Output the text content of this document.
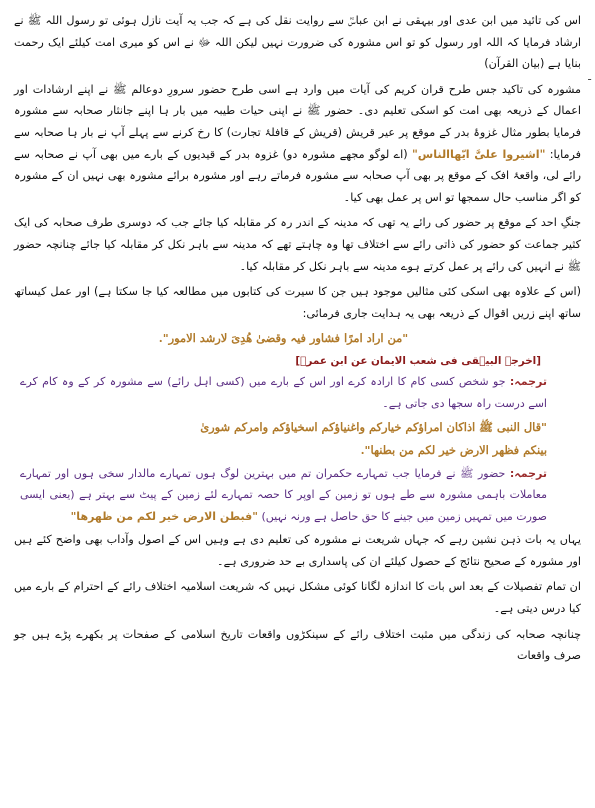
ـ

اس کی تائید میں ابن عدی اور بیہقی نے ابن عباسؓ سے روایت نقل کی ہے کہ جب یہ آیت نازل ہوئی تو رسول اللہ ﷺ نے ارشاد فرمایا کہ اللہ اور رسول کو تو اس مشورہ کی ضرورت نہیں لیکن اللہ ﷻ نے اس کو میری امت کیلئے ایک رحمت بنایا ہے (بیان القرآن)

مشورہ کی تاکید جس طرح قران کریم کی آیات میں وارد ہے اسی طرح حضور سرورِ دوعالم ﷺ نے اپنے ارشادات اور اعمال کے ذریعہ بھی امت کو اسکی تعلیم دی۔ حضور ﷺ نے اپنی حیات طیبہ میں بار ہا اپنے جانثار صحابہ سے مشورہ فرمایا بطور مثال غزوۂ بدر کے موقع پر عیر قریش (قریش کے قافلۂ تجارت) کا رخ کرنے سے پہلے آپ نے بار ہا صحابہ سے فرمایا: "اشیروا علیَّ ایّھاالناس" (اے لوگو مجھے مشورہ دو) غزوہ بدر کے قیدیوں کے بارے میں بھی آپ نے صحابہ سے رائے لی، واقعۂ افک کے موقع پر بھی آپ صحابہ سے مشورہ فرماتے رہے اور مشورہ برائے مشورہ بھی نہیں ان کے مشورہ کو اگر مناسب حال سمجھا تو اس پر عمل بھی کیا۔

جنگِ احد کے موقع پر حضور کی رائے یہ تھی کہ مدینہ کے اندر رہ کر مقابلہ کیا جائے جب کہ دوسری طرف صحابہ کی ایک کثیر جماعت کو حضور کی ذاتی رائے سے اختلاف تھا وہ چاہتے تھے کہ مدینہ سے باہر نکل کر مقابلہ کیا جائے چنانچہ حضور ﷺ نے انہیں کی رائے پر عمل کرتے ہوے مدینہ سے باہر نکل کر مقابلہ کیا۔

(اس کے علاوہ بھی اسکی کئی مثالیں موجود ہیں جن کا سیرت کی کتابوں میں مطالعہ کیا جا سکتا ہے) اور عمل کیساتھ ساتھ اپنے زریں اقوال کے ذریعہ بھی یہ ہدایت جاری فرمائی:

"من اراد امرًا فشاور فیہ وقضیٰ ھُدِیَ لارشد الامور".
[اخرجہ البیہقی فی شعب الایمان عن ابن عمرؓ]
ترجمہ: جو شخص کسی کام کا ارادہ کرے اور اس کے بارے میں (کسی اہل رائے) سے مشورہ کر کے وہ کام کرے اسے درست راہ سجھا دی جاتی ہے۔
"قال النبی ﷺ اذاکان امراؤکم خیارکم واغنیاؤکم اسخیاؤکم وامرکم شوریٰ
بینکم فظھر الارض خیر لکم من بطنھا".
ترجمہ: حضور ﷺ نے فرمایا جب تمہارے حکمران تم میں بہترین لوگ ہوں تمہارے مالدار سخی ہوں اور تمہارے معاملات باہمی مشورہ سے طے ہوں تو زمین کے اوپر کا حصہ تمہارے لئے زمین کے پیٹ سے بہتر ہے (یعنی ایسی صورت میں تمہیں زمین میں جینے کا حق حاصل ہے ورنہ نہیں) "فبطن الارض خیر لکم من ظھرھا"

یہاں یہ بات ذہن نشین رہے کہ جہاں شریعت نے مشورہ کی تعلیم دی ہے وہیں اس کے اصول وآداب بھی واضح کئے ہیں اور مشورہ کے صحیح نتائج کے حصول کیلئے ان کی پاسداری بے حد ضروری ہے۔

ان تمام تفصیلات کے بعد اس بات کا اندازہ لگانا کوئی مشکل نہیں کہ شریعت اسلامیہ اختلاف رائے کے احترام کے بارے میں کیا درس دیتی ہے۔

چنانچہ صحابہ کی زندگی میں مثبت اختلاف رائے کے سینکڑوں واقعات تاریخ اسلامی کے صفحات پر بکھرے پڑے ہیں جو صرف واقعات
